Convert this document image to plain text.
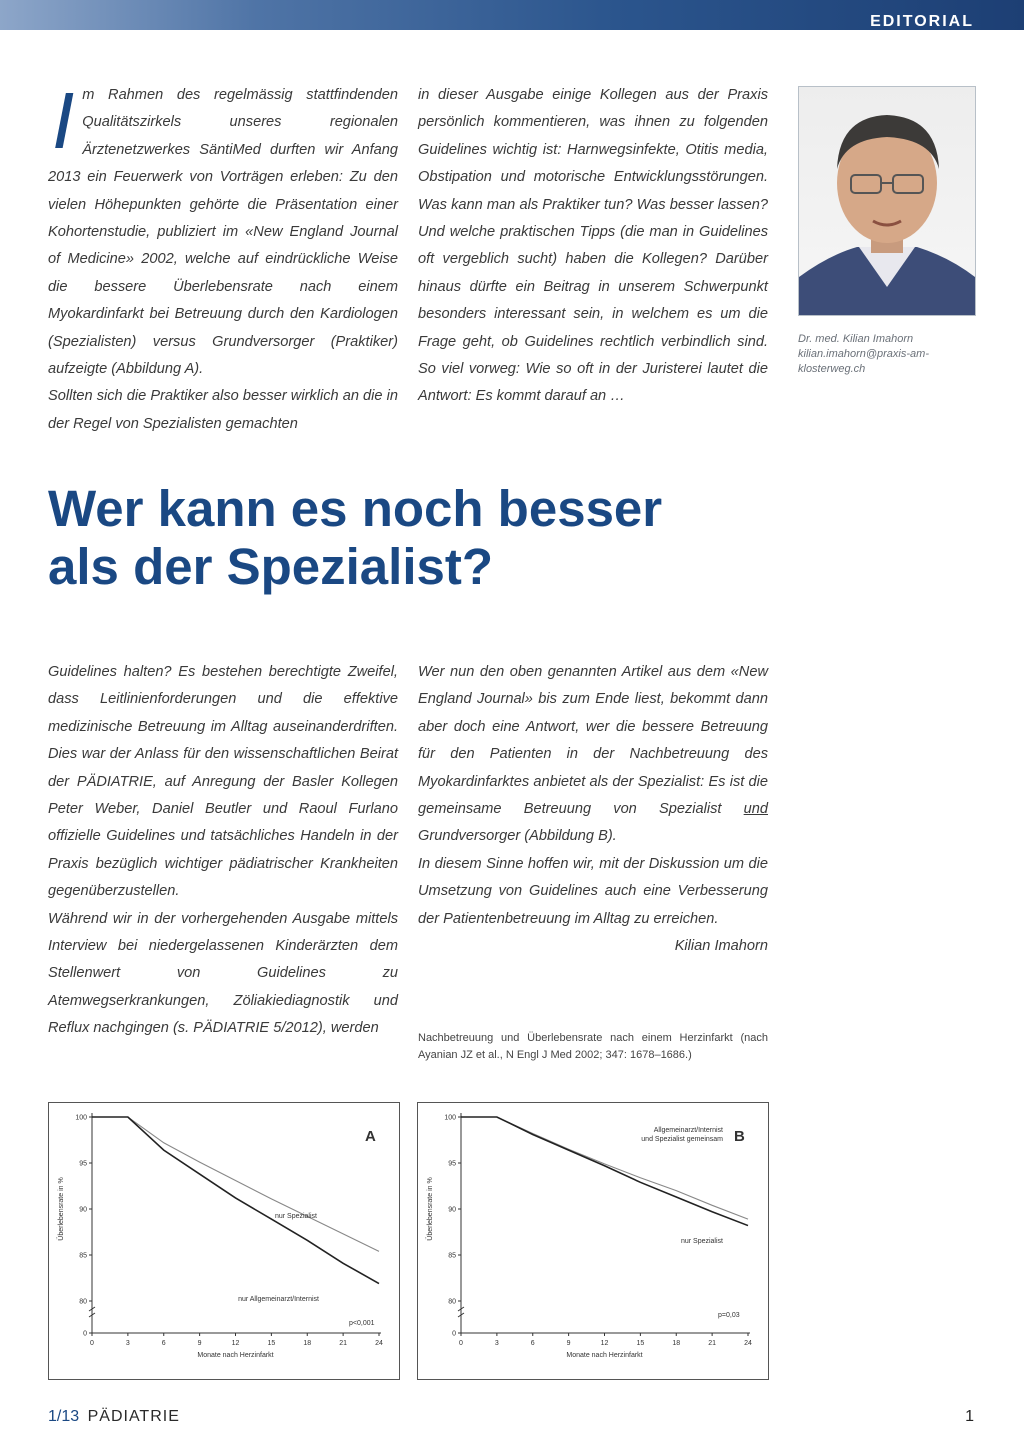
EDITORIAL

Im Rahmen des regelmässig stattfindenden Qualitätszirkels unseres regionalen Ärztenetzwerkes SäntiMed durften wir Anfang 2013 ein Feuerwerk von Vorträgen erleben: Zu den vielen Höhepunkten gehörte die Präsentation einer Kohortenstudie, publiziert im «New England Journal of Medicine» 2002, welche auf eindrückliche Weise die bessere Überlebensrate nach einem Myokardinfarkt bei Betreuung durch den Kardiologen (Spezialisten) versus Grundversorger (Praktiker) aufzeigte (Abbildung A).

Sollten sich die Praktiker also besser wirklich an die in der Regel von Spezialisten gemachten

in dieser Ausgabe einige Kollegen aus der Praxis persönlich kommentieren, was ihnen zu folgenden Guidelines wichtig ist: Harnwegsinfekte, Otitis media, Obstipation und motorische Entwicklungsstörungen. Was kann man als Praktiker tun? Was besser lassen? Und welche praktischen Tipps (die man in Guidelines oft vergeblich sucht) haben die Kollegen? Darüber hinaus dürfte ein Beitrag in unserem Schwerpunkt besonders interessant sein, in welchem es um die Frage geht, ob Guidelines rechtlich verbindlich sind. So viel vorweg: Wie so oft in der Juristerei lautet die Antwort: Es kommt darauf an …

Dr. med. Kilian Imahorn
kilian.imahorn@praxis-am-klosterweg.ch
Wer kann es noch besser
als der Spezialist?

Guidelines halten? Es bestehen berechtigte Zweifel, dass Leitlinienforderungen und die effektive medizinische Betreuung im Alltag auseinanderdriften. Dies war der Anlass für den wissenschaftlichen Beirat der PÄDIATRIE, auf Anregung der Basler Kollegen Peter Weber, Daniel Beutler und Raoul Furlano offizielle Guidelines und tatsächliches Handeln in der Praxis bezüglich wichtiger pädiatrischer Krankheiten gegenüberzustellen.

Während wir in der vorhergehenden Ausgabe mittels Interview bei niedergelassenen Kinderärzten dem Stellenwert von Guidelines zu Atemwegserkrankungen, Zöliakiediagnostik und Reflux nachgingen (s. PÄDIATRIE 5/2012), werden

Wer nun den oben genannten Artikel aus dem «New England Journal» bis zum Ende liest, bekommt dann aber doch eine Antwort, wer die bessere Betreuung für den Patienten in der Nachbetreuung des Myokardinfarktes anbietet als der Spezialist: Es ist die gemeinsame Betreuung von Spezialist und Grundversorger (Abbildung B).

In diesem Sinne hoffen wir, mit der Diskussion um die Umsetzung von Guidelines auch eine Verbesserung der Patientenbetreuung im Alltag zu erreichen.

Kilian Imahorn

Nachbetreuung und Überlebensrate nach einem Herzinfarkt (nach Ayanian JZ et al., N Engl J Med 2002; 347: 1678–1686.)
0	3	6	9	12	15	18	21	24
0
80
85
90
95
100
Monate nach Herzinfarkt
Überlebensrate in %
A
nur Spezialist
nur Allgemeinarzt/Internist
p<0,001
0	3	6	9	12	15	18	21	24
0
80
85
90
95
100
Monate nach Herzinfarkt
Überlebensrate in %
B
Allgemeinarzt/Internist und Spezialist gemeinsam
nur Spezialist
p=0,03
1/13 PÄDIATRIE	1
